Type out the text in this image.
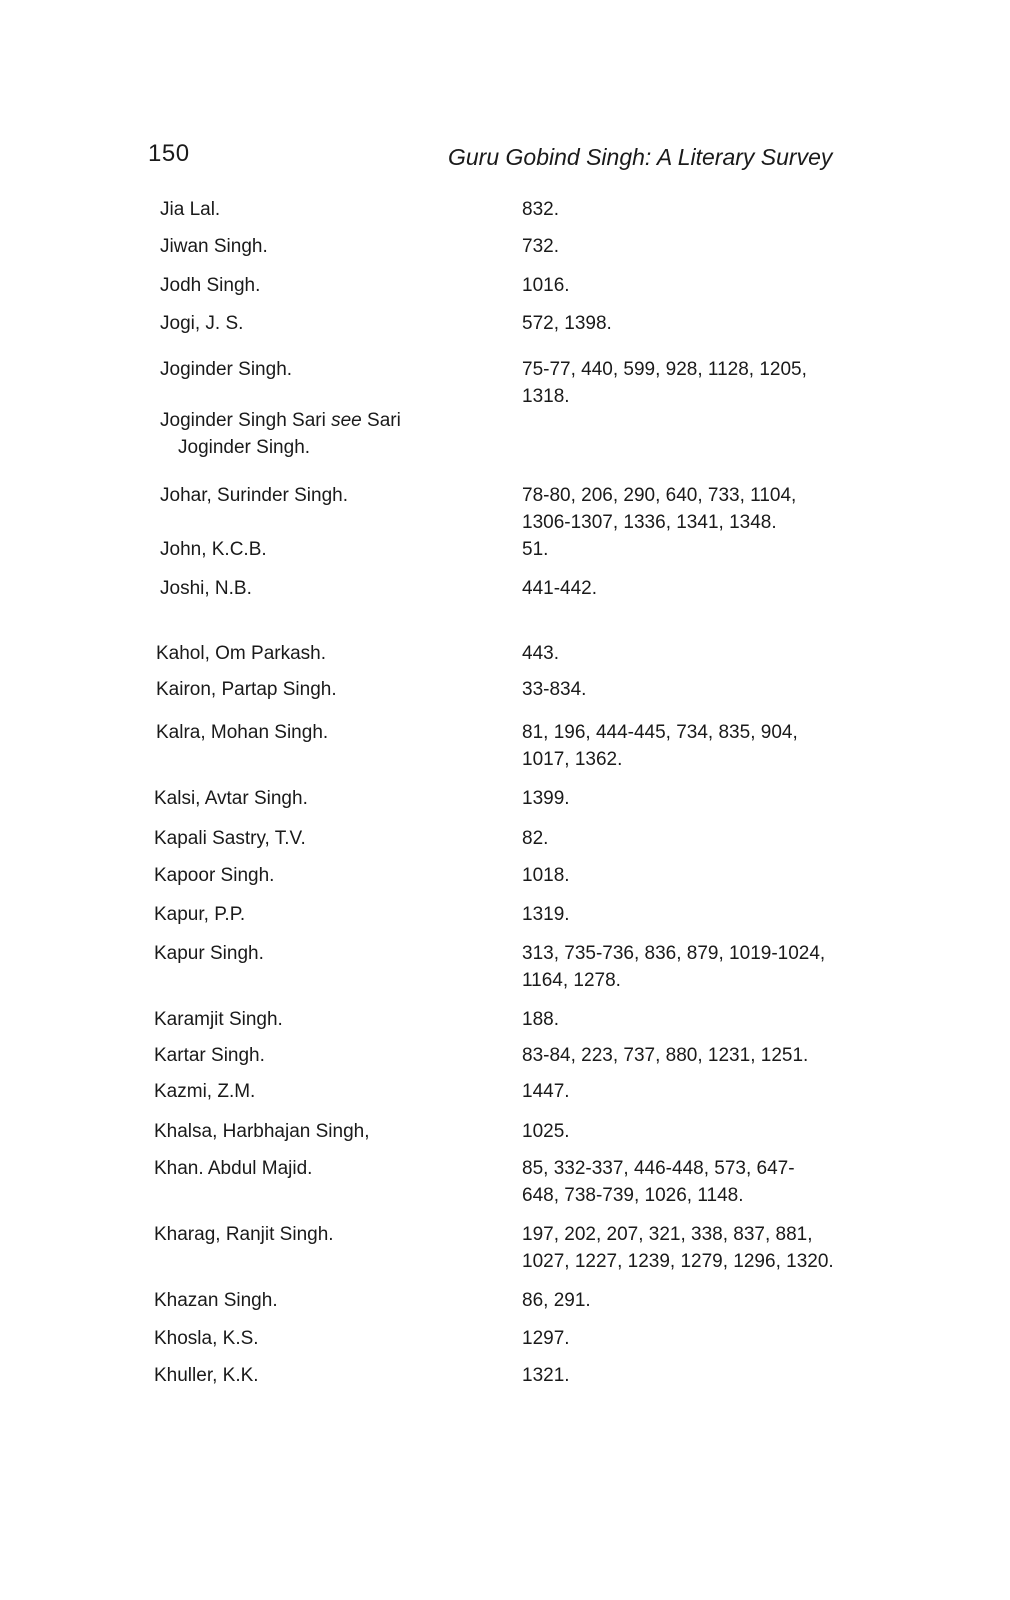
150	Guru Gobind Singh: A Literary Survey
Jia Lal.	832.
Jiwan Singh.	732.
Jodh Singh.	1016.
Jogi, J. S.	572, 1398.
Joginder Singh.	75-77, 440, 599, 928, 1128, 1205,
1318.
Joginder Singh Sari see Sari
Joginder Singh.
Johar, Surinder Singh.	78-80, 206, 290, 640, 733, 1104,
1306-1307, 1336, 1341, 1348.
John, K.C.B.	51.
Joshi, N.B.	441-442.
Kahol, Om Parkash.	443.
Kairon, Partap Singh.	33-834.
Kalra, Mohan Singh.	81, 196, 444-445, 734, 835, 904,
1017, 1362.
Kalsi, Avtar Singh.	1399.
Kapali Sastry, T.V.	82.
Kapoor Singh.	1018.
Kapur, P.P.	1319.
Kapur Singh.	313, 735-736, 836, 879, 1019-1024,
1164, 1278.
Karamjit Singh.	188.
Kartar Singh.	83-84, 223, 737, 880, 1231, 1251.
Kazmi, Z.M.	1447.
Khalsa, Harbhajan Singh,	1025.
Khan. Abdul Majid.	85, 332-337, 446-448, 573, 647-
648, 738-739, 1026, 1148.
Kharag, Ranjit Singh.	197, 202, 207, 321, 338, 837, 881,
1027, 1227, 1239, 1279, 1296, 1320.
Khazan Singh.	86, 291.
Khosla, K.S.	1297.
Khuller, K.K.	1321.
